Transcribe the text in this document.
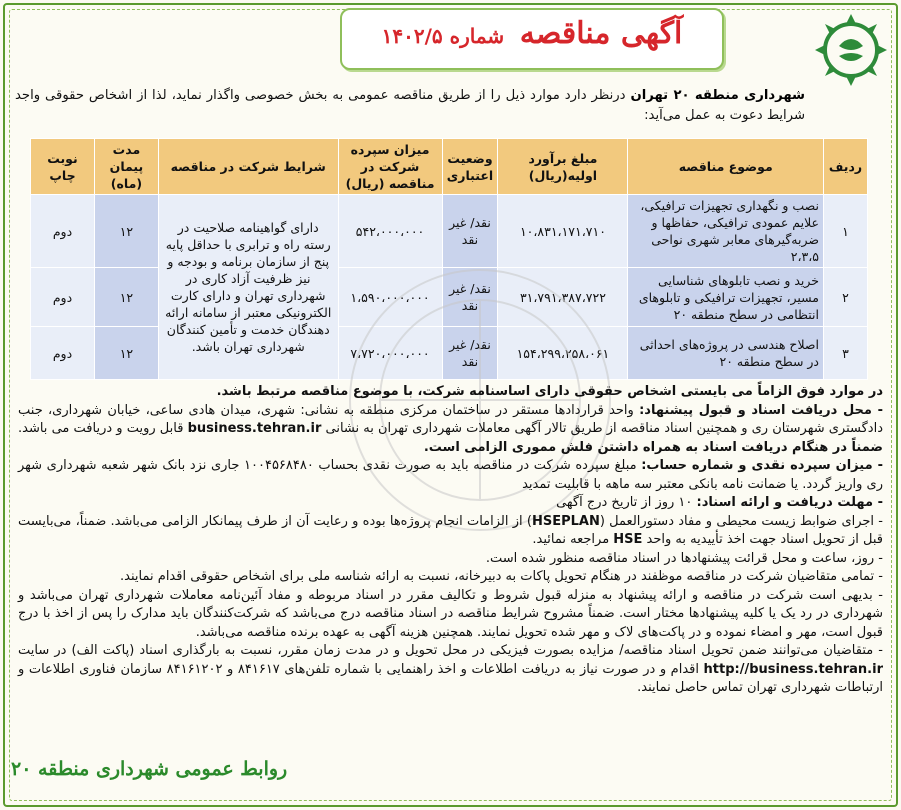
آگهی مناقصه شماره ۱۴۰۲/۵
شهرداری منطقه ۲۰ تهران درنظر دارد موارد ذیل را از طریق مناقصه عمومی به بخش خصوصی واگذار نماید، لذا از اشخاص حقوقی واجد شرایط دعوت به عمل می‌آید:
ردیف	موضوع مناقصه	مبلغ برآورد اولیه(ریال)	وضعیت اعتباری	میزان سپرده شرکت در مناقصه (ریال)	شرایط شرکت در مناقصه	مدت پیمان (ماه)	نوبت چاپ
۱	نصب و نگهداری تجهیزات ترافیکی، علایم عمودی ترافیکی، حفاظها و ضربه‌گیرهای معابر شهری نواحی ۲،۳،۵	۱۰،۸۳۱،۱۷۱،۷۱۰	نقد/ غیر نقد	۵۴۲،۰۰۰،۰۰۰	دارای گواهینامه صلاحیت در رسته راه و ترابری با حداقل پایه پنج از سازمان برنامه و بودجه و نیز ظرفیت آزاد کاری در شهرداری تهران و دارای کارت الکترونیکی معتبر از سامانه ارائه دهندگان خدمت و تأمین کنندگان شهرداری تهران باشد.	۱۲	دوم
۲	خرید و نصب تابلوهای شناسایی مسیر، تجهیزات ترافیکی و تابلوهای انتظامی در سطح منطقه ۲۰	۳۱،۷۹۱،۳۸۷،۷۲۲	نقد/ غیر نقد	۱،۵۹۰،۰۰۰،۰۰۰		۱۲	دوم
۳	اصلاح هندسی در پروژه‌های احداثی در سطح منطقه ۲۰	۱۵۴،۲۹۹،۲۵۸،۰۶۱	نقد/ غیر نقد	۷،۷۲۰،۰۰۰،۰۰۰		۱۲	دوم

در موارد فوق الزاماً می بایستی اشخاص حقوقی دارای اساسنامه شرکت، با موضوع مناقصه مرتبط باشد.

- محل دریافت اسناد و قبول پیشنهاد: واحد قراردادها مستقر در ساختمان مرکزی منطقه به نشانی: شهری، میدان هادی ساعی، خیابان شهرداری، جنب دادگستری شهرستان ری و همچنین اسناد مناقصه از طریق تالار آگهی معاملات شهرداری تهران به نشانی business.tehran.ir قابل رویت و دریافت می باشد. ضمناً در هنگام دریافت اسناد به همراه داشتن فلش مموری الزامی است.

- میزان سپرده نقدی و شماره حساب: مبلغ سپرده شرکت در مناقصه باید به صورت نقدی بحساب ۱۰۰۴۵۶۸۴۸۰ جاری نزد بانک شهر شعبه شهرداری شهر ری واریز گردد. یا ضمانت نامه بانکی معتبر سه ماهه با قابلیت تمدید

- مهلت دریافت و ارائه اسناد: ۱۰ روز از تاریخ درج آگهی

- اجرای ضوابط زیست محیطی و مفاد دستورالعمل (HSEPLAN) از الزامات انجام پروژه‌ها بوده و رعایت آن از طرف پیمانکار الزامی می‌باشد. ضمناً، می‌بایست قبل از تحویل اسناد جهت اخذ تأییدیه به واحد HSE مراجعه نمائید.

- روز، ساعت و محل قرائت پیشنهادها در اسناد مناقصه منظور شده است.

- تمامی متقاضیان شرکت در مناقصه موظفند در هنگام تحویل پاکات به دبیرخانه، نسبت به ارائه شناسه ملی برای اشخاص حقوقی اقدام نمایند.

- بدیهی است شرکت در مناقصه و ارائه پیشنهاد به منزله قبول شروط و تکالیف مقرر در اسناد مربوطه و مفاد آئین‌نامه معاملات شهرداری تهران می‌باشد و شهرداری در رد یک یا کلیه پیشنهادها مختار است. ضمناً مشروح شرایط مناقصه در اسناد مناقصه درج می‌باشد که شرکت‌کنندگان باید مدارک را پس از اخذ با درج قبول است، مهر و امضاء نموده و در پاکت‌های لاک و مهر شده تحویل نمایند. همچنین هزینه آگهی به عهده برنده مناقصه می‌باشد.

- متقاضیان می‌توانند ضمن تحویل اسناد مناقصه/ مزایده بصورت فیزیکی در محل تحویل و در مدت زمان مقرر، نسبت به بارگذاری اسناد (پاکت الف) در سایت http://business.tehran.ir اقدام و در صورت نیاز به دریافت اطلاعات و اخذ راهنمایی با شماره تلفن‌های ۸۴۱۶۱۷ و ۸۴۱۶۱۲۰۲ سازمان فناوری اطلاعات و ارتباطات شهرداری تهران تماس حاصل نمایند.

روابط عمومی شهرداری منطقه ۲۰
